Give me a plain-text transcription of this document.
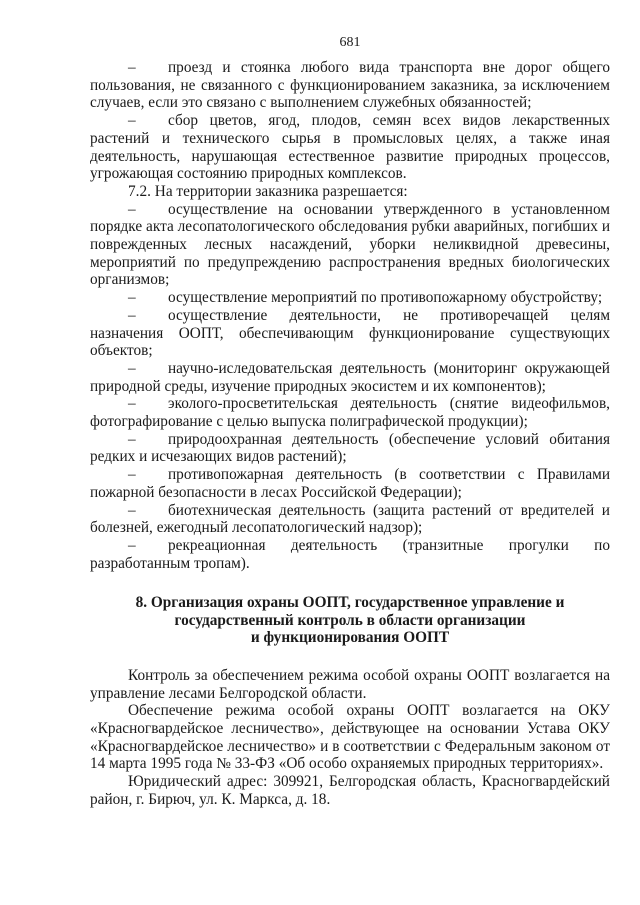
681

– проезд и стоянка любого вида транспорта вне дорог общего пользования, не связанного с функционированием заказника, за исключением случаев, если это связано с выполнением служебных обязанностей;

– сбор цветов, ягод, плодов, семян всех видов лекарственных растений и технического сырья в промысловых целях, а также иная деятельность, нарушающая естественное развитие природных процессов, угрожающая состоянию природных комплексов.

7.2. На территории заказника разрешается:

– осуществление на основании утвержденного в установленном порядке акта лесопатологического обследования рубки аварийных, погибших и поврежденных лесных насаждений, уборки неликвидной древесины, мероприятий по предупреждению распространения вредных биологических организмов;

– осуществление мероприятий по противопожарному обустройству;

– осуществление деятельности, не противоречащей целям назначения ООПТ, обеспечивающим функционирование существующих объектов;

– научно-иследовательская деятельность (мониторинг окружающей природной среды, изучение природных экосистем и их компонентов);

– эколого-просветительская деятельность (снятие видеофильмов, фотографирование с целью выпуска полиграфической продукции);

– природоохранная деятельность (обеспечение условий обитания редких и исчезающих видов растений);

– противопожарная деятельность (в соответствии с Правилами пожарной безопасности в лесах Российской Федерации);

– биотехническая деятельность (защита растений от вредителей и болезней, ежегодный лесопатологический надзор);

– рекреационная деятельность (транзитные прогулки по разработанным тропам).

8. Организация охраны ООПТ, государственное управление и
государственный контроль в области организации
и функционирования ООПТ

Контроль за обеспечением режима особой охраны ООПТ возлагается на управление лесами Белгородской области.

Обеспечение режима особой охраны ООПТ возлагается на ОКУ «Красногвардейское лесничество», действующее на основании Устава ОКУ «Красногвардейское лесничество» и в соответствии с Федеральным законом от 14 марта 1995 года № 33-ФЗ «Об особо охраняемых природных территориях».

Юридический адрес: 309921, Белгородская область, Красногвардейский район, г. Бирюч, ул. К. Маркса, д. 18.
